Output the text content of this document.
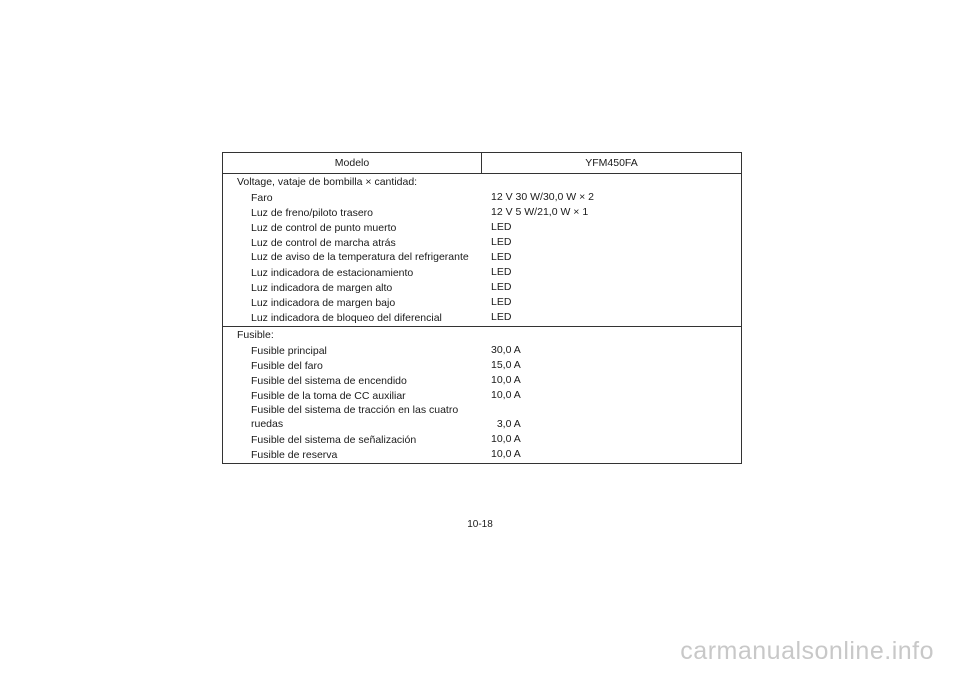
Modelo	YFM450FA
Voltage, vataje de bombilla × cantidad:
Faro	12 V 30 W/30,0 W × 2
Luz de freno/piloto trasero	12 V 5 W/21,0 W × 1
Luz de control de punto muerto	LED
Luz de control de marcha atrás	LED
Luz de aviso de la temperatura del refrigerante	LED
Luz indicadora de estacionamiento	LED
Luz indicadora de margen alto	LED
Luz indicadora de margen bajo	LED
Luz indicadora de bloqueo del diferencial	LED
Fusible:
Fusible principal	30,0 A
Fusible del faro	15,0 A
Fusible del sistema de encendido	10,0 A
Fusible de la toma de CC auxiliar	10,0 A
Fusible del sistema de tracción en las cuatro ruedas	3,0 A
Fusible del sistema de señalización	10,0 A
Fusible de reserva	10,0 A
10-18
carmanualsonline.info
